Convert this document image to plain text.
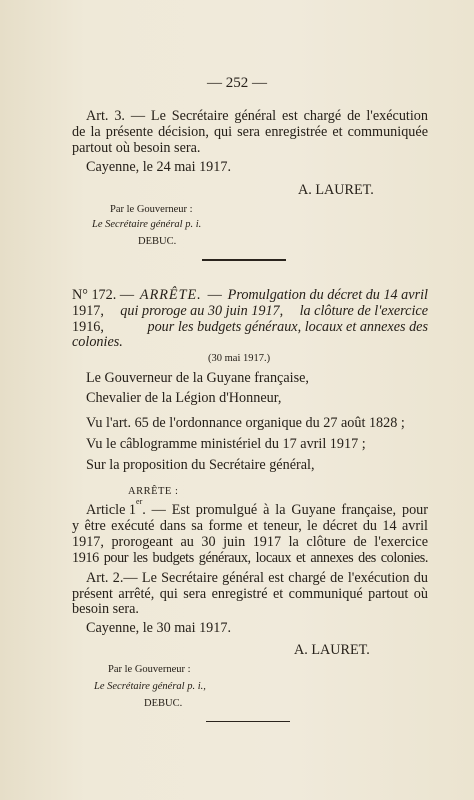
— 252 —
Art. 3. — Le Secrétaire général est chargé de l'exécution
de la présente décision, qui sera enregistrée et communiquée
partout où besoin sera.
Cayenne, le 24 mai 1917.
A. LAURET.
Par le Gouverneur :
Le Secrétaire général p. i.
DEBUC.
N° 172. — ARRÊTE. — Promulgation du décret du 14 avril
1917, qui proroge au 30 juin 1917, la clôture de l'exercice
1916,	pour les budgets généraux, locaux et annexes des
colonies.
(30 mai 1917.)
Le Gouverneur de la Guyane française,
Chevalier de la Légion d'Honneur,
Vu l'art. 65 de l'ordonnance organique du 27 août 1828 ;
Vu le câblogramme ministériel du 17 avril 1917 ;
Sur la proposition du Secrétaire général,
ARRÊTE :
Article 1
er
. — Est promulgué à la Guyane française, pour
y être exécuté dans sa forme et teneur, le décret du 14 avril
1917, prorogeant au 30 juin 1917 la clôture de l'exercice
1916 pour les budgets généraux, locaux et annexes des colonies.
Art. 2.— Le Secrétaire général est chargé de l'exécution du
présent arrêté, qui sera enregistré et communiqué partout où
besoin sera.
Cayenne, le 30 mai 1917.
A. LAURET.
Par le Gouverneur :
Le Secrétaire général p. i.,
DEBUC.
